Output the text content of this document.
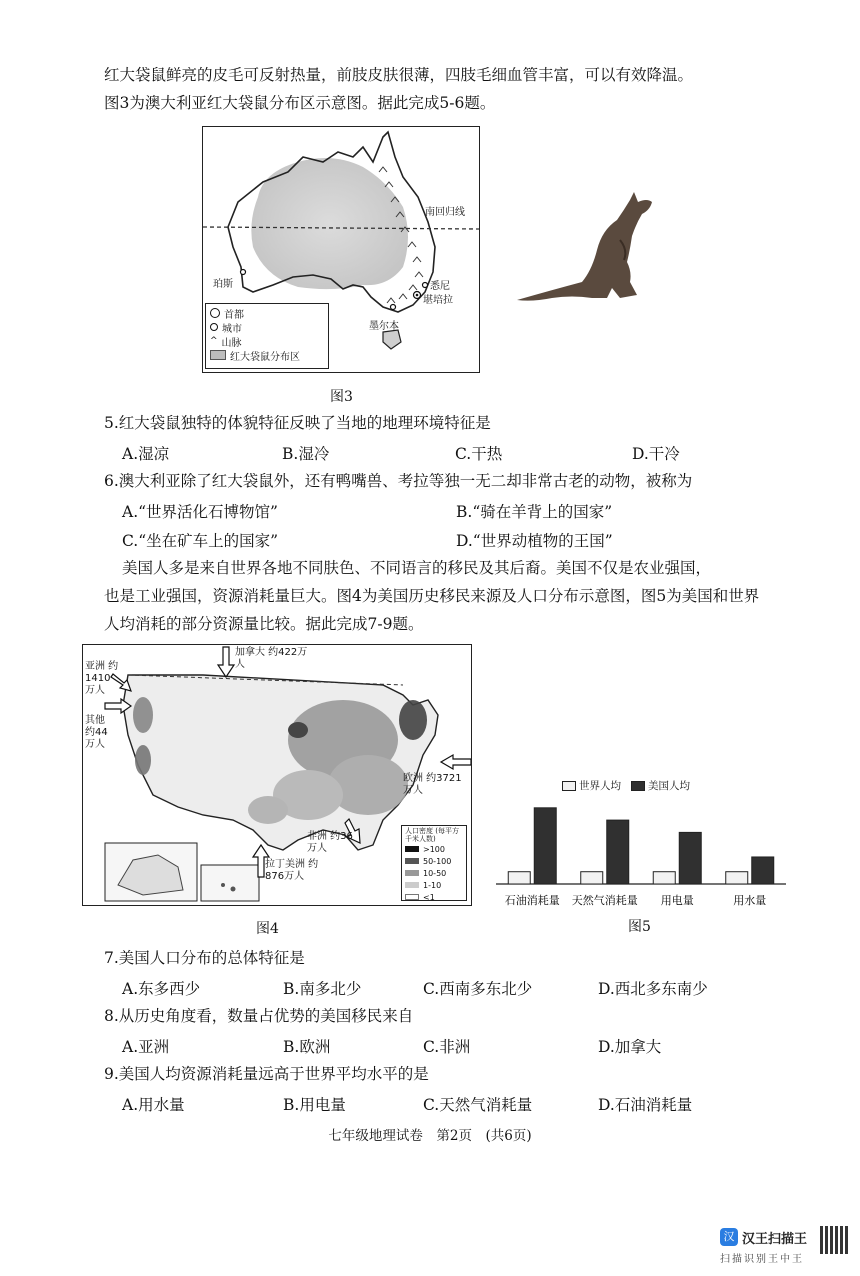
红大袋鼠鲜亮的皮毛可反射热量，前肢皮肤很薄，四肢毛细血管丰富，可以有效降温。
图3为澳大利亚红大袋鼠分布区示意图。据此完成5-6题。
南回归线
珀斯	悉尼
堪培拉
墨尔本
首都
城市
^ 山脉
红大袋鼠分布区
图3
5.红大袋鼠独特的体貌特征反映了当地的地理环境特征是
A.湿凉	B.湿冷	C.干热	D.干冷
6.澳大利亚除了红大袋鼠外，还有鸭嘴兽、考拉等独一无二却非常古老的动物，被称为
A.“世界活化石博物馆”	B.“骑在羊背上的国家”
C.“坐在矿车上的国家”	D.“世界动植物的王国”
美国人多是来自世界各地不同肤色、不同语言的移民及其后裔。美国不仅是农业强国，
也是工业强国，资源消耗量巨大。图4为美国历史移民来源及人口分布示意图，图5为美国和世界
人均消耗的部分资源量比较。据此完成7-9题。
加拿大 约422万人
亚洲 约1410 万人
其他 约44 万人
欧洲 约3721万人
非洲 约36万人
拉丁美洲 约876万人
人口密度 (每平方千米人数)
>100
50-100
10-50
1-10
<1
图4
世界人均	美国人均
石油消耗量 天然气消耗量 用电量	用水量
图5
7.美国人口分布的总体特征是
A.东多西少	B.南多北少	C.西南多东北少	D.西北多东南少
8.从历史角度看，数量占优势的美国移民来自
A.亚洲	B.欧洲	C.非洲	D.加拿大
9.美国人均资源消耗量远高于世界平均水平的是
A.用水量	B.用电量	C.天然气消耗量	D.石油消耗量
七年级地理试卷　第2页　(共6页)
汉 汉王扫描王
扫描识别王中王
